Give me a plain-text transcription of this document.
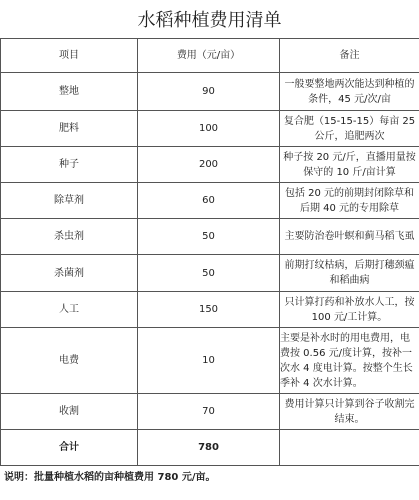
水稻种植费用清单
项目	费用（元/亩）	备注
整地	90	一般要整地两次能达到种植的条件，45 元/次/亩
肥料	100	复合肥（15-15-15）每亩 25 公斤，追肥两次
种子	200	种子按 20 元/斤，直播用量按保守的 10 斤/亩计算
除草剂	60	包括 20 元的前期封闭除草和后期 40 元的专用除草
杀虫剂	50	主要防治卷叶螟和蓟马稻飞虱
杀菌剂	50	前期打纹枯病，后期打穗颈瘟和稻曲病
人工	150	只计算打药和补放水人工，按 100 元/工计算。
电费	10	主要是补水时的用电费用，电费按 0.56 元/度计算，按补一次水 4 度电计算。按整个生长季补 4 次水计算。
收割	70	费用计算只计算到谷子收割完结束。
合计	780	
说明：批量种植水稻的亩种植费用 780 元/亩。
